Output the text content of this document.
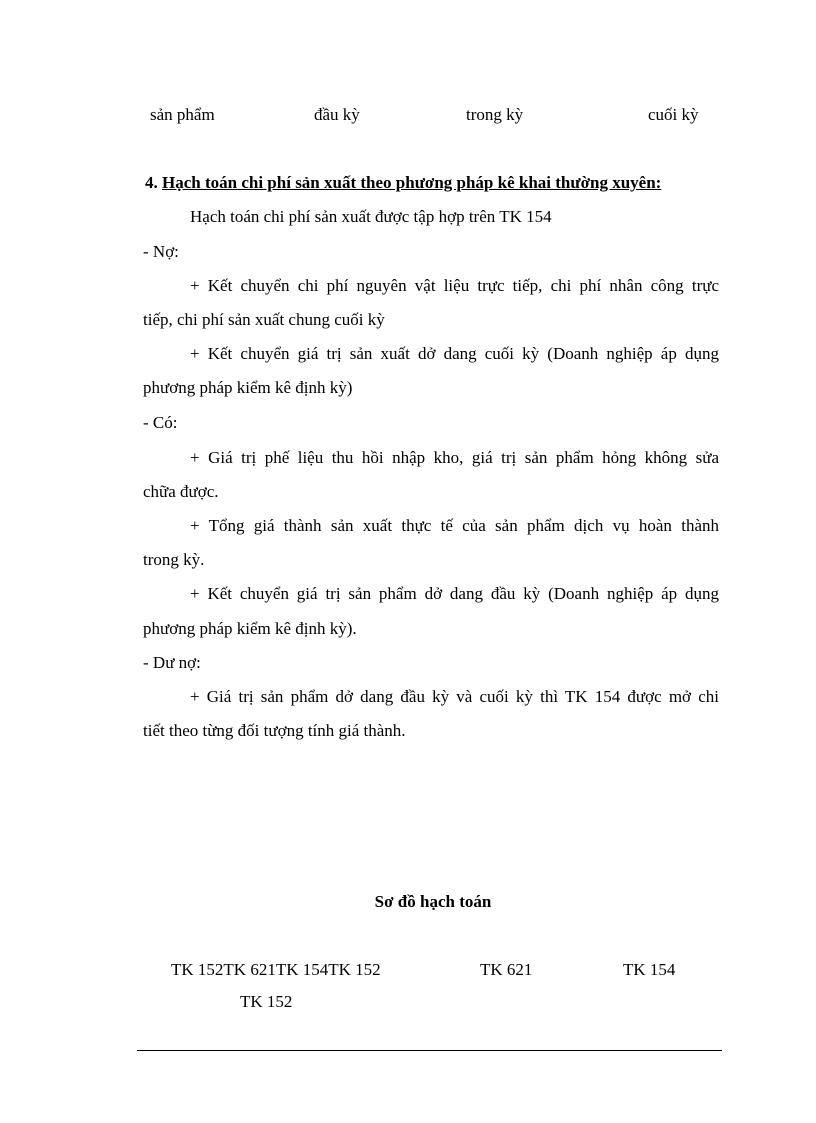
sản phẩm	đầu kỳ	trong kỳ	cuối kỳ
4. Hạch toán chi phí sản xuất theo phương pháp kê khai thường xuyên:
Hạch toán chi phí sản xuất được tập hợp trên TK 154
- Nợ:
+ Kết chuyển chi phí nguyên vật liệu trực tiếp, chi phí nhân công trực
tiếp, chi phí sản xuất chung cuối kỳ
+ Kết chuyển giá trị sản xuất dở dang cuối kỳ (Doanh nghiệp áp dụng
phương pháp kiểm kê định kỳ)
- Có:
+ Giá trị phế liệu thu hồi nhập kho, giá trị sản phẩm hỏng không sửa
chữa được.
+ Tổng giá thành sản xuất thực tế của sản phẩm dịch vụ hoàn thành
trong kỳ.
+ Kết chuyển giá trị sản phẩm dở dang đầu kỳ (Doanh nghiệp áp dụng
phương pháp kiểm kê định kỳ).
- Dư nợ:
+ Giá trị sản phẩm dở dang đầu kỳ và cuối kỳ thì TK 154 được mở chi
tiết theo từng đối tượng tính giá thành.
Sơ đồ hạch toán
TK 152TK 621TK 154TK 152	TK 621	TK 154
TK 152
